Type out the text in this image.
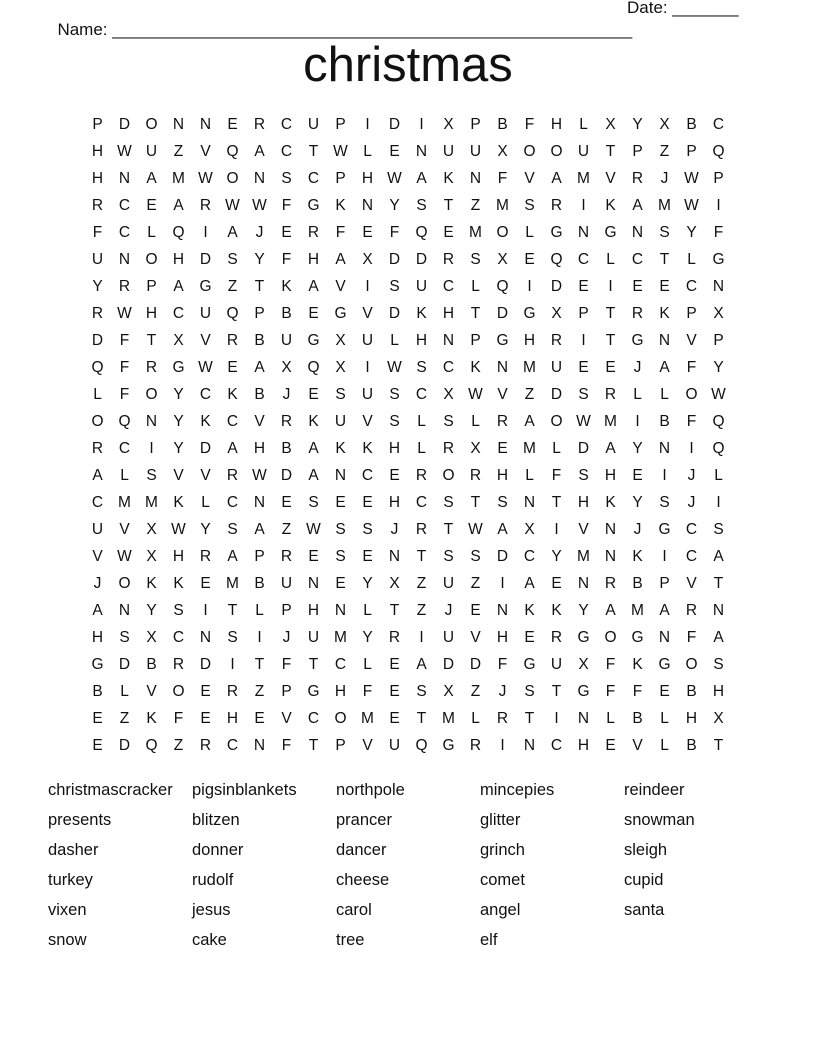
Name: _______________________________________________________

Date: _______

christmas
P	D O N	N	E	R	C	U	P	I	D	I	X	P	B	F	H	L	X	Y	X	B	C
H W U	Z	V	Q	A	C	T W L	E	N	U	U	X	O O U	T	P	Z	P	Q
H	N	A M W O N	S	C	P	H W A	K	N	F	V	A M V	R	J	W P
R	C	E	A	R W W F	G	K	N	Y	S	T	Z	M S	R	I	K	A M W	I
F	C	L	Q	I	A	J	E	R	F	E	F	Q	E M O	L	G N G N	S	Y	F
U	N O H	D	S	Y	F	H	A	X	D	D	R	S	X	E	Q C	L	C	T	L	G
Y	R	P	A	G	Z	T	K	A	V	I	S	U	C	L	Q	I	D	E	I	E	E	C	N
R W H	C	U Q	P	B	E	G	V	D	K	H	T	D G	X	P	T	R	K	P	X
D	F	T	X	V	R	B	U G	X	U	L	H	N	P	G H	R	I	T	G N	V	P
Q	F	R G W E	A	X	Q	X	I	W S	C	K	N M U	E	E	J	A	F	Y
L	F	O	Y	C	K	B	J	E	S	U	S	C	X W V	Z	D	S	R	L	L	O W
O Q N	Y	K	C	V	R	K	U	V	S	L	S	L	R	A	O W M	I	B	F	Q
R	C	I	Y	D	A	H	B	A	K	K	H	L	R	X	E M	L	D	A	Y	N	I	Q
A	L	S	V	V	R W D	A	N	C	E	R O R	H	L	F	S	H	E	I	J	L
C M M K	L	C	N	E	S	E	E	H	C	S	T	S	N	T	H	K	Y	S	J	I
U	V	X W Y	S	A	Z W S	S	J	R	T W A	X	I	V	N	J	G C	S
V W X	H	R	A	P	R	E	S	E	N	T	S	S	D	C	Y M N	K	I	C	A
J	O	K	K	E M B	U	N	E	Y	X	Z	U	Z	I	A	E	N	R	B	P	V	T
A	N	Y	S	I	T	L	P	H	N	L	T	Z	J	E	N	K	K	Y	A M A	R	N
H	S	X	C	N	S	I	J	U M Y	R	I	U	V	H	E	R G O G N	F	A
G D	B	R	D	I	T	F	T	C	L	E	A	D	D	F	G U	X	F	K	G O	S
B	L	V	O	E	R	Z	P	G H	F	E	S	X	Z	J	S	T	G	F	F	E	B	H
E	Z	K	F	E	H	E	V	C O M E	T	M	L	R	T	I	N	L	B	L	H	X
E	D Q	Z	R	C	N	F	T	P	V	U Q G R	I	N	C	H	E	V	L	B	T
christmascracker	pigsinblankets	northpole	mincepies	reindeer
presents	blitzen	prancer	glitter	snowman
dasher	donner	dancer	grinch	sleigh
turkey	rudolf	cheese	comet	cupid
vixen	jesus	carol	angel	santa
snow	cake	tree	elf
